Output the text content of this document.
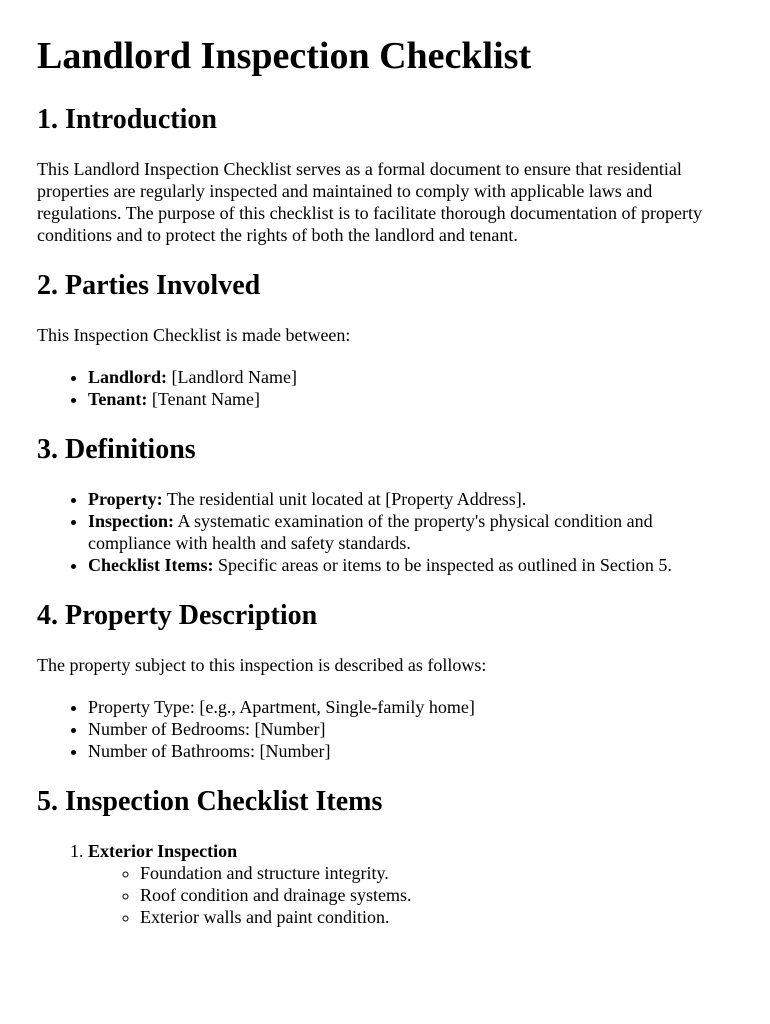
Landlord Inspection Checklist
1. Introduction

This Landlord Inspection Checklist serves as a formal document to ensure that residential properties are regularly inspected and maintained to comply with applicable laws and regulations. The purpose of this checklist is to facilitate thorough documentation of property conditions and to protect the rights of both the landlord and tenant.

2. Parties Involved

This Inspection Checklist is made between:

• Landlord: [Landlord Name]
• Tenant: [Tenant Name]
3. Definitions
• Property: The residential unit located at [Property Address].
• Inspection: A systematic examination of the property's physical condition and compliance with health and safety standards.
• Checklist Items: Specific areas or items to be inspected as outlined in Section 5.
4. Property Description

The property subject to this inspection is described as follows:

• Property Type: [e.g., Apartment, Single-family home]
• Number of Bedrooms: [Number]
• Number of Bathrooms: [Number]
5. Inspection Checklist Items
1. Exterior Inspection
◦ Foundation and structure integrity.
◦ Roof condition and drainage systems.
◦ Exterior walls and paint condition.
